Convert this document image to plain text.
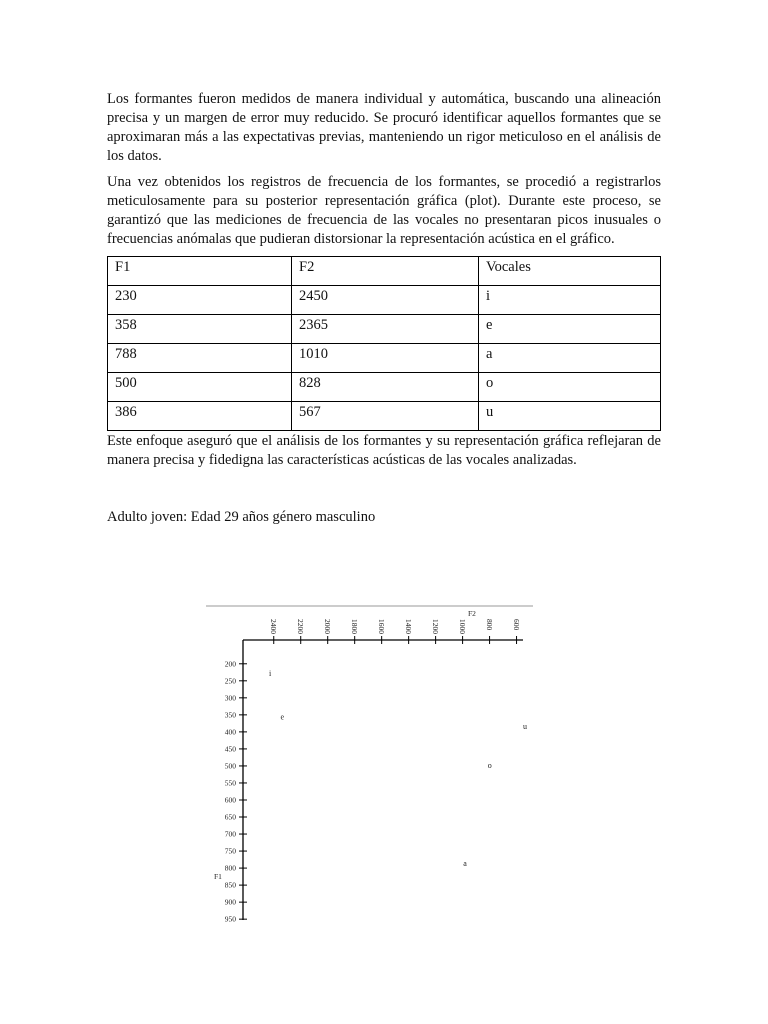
Los formantes fueron medidos de manera individual y automática, buscando una alineación precisa y un margen de error muy reducido. Se procuró identificar aquellos formantes que se aproximaran más a las expectativas previas, manteniendo un rigor meticuloso en el análisis de los datos.

Una vez obtenidos los registros de frecuencia de los formantes, se procedió a registrarlos meticulosamente para su posterior representación gráfica (plot). Durante este proceso, se garantizó que las mediciones de frecuencia de las vocales no presentaran picos inusuales o frecuencias anómalas que pudieran distorsionar la representación acústica en el gráfico.

F1	F2	Vocales
230	2450	i
358	2365	e
788	1010	a
500	828	o
386	567	u

Este enfoque aseguró que el análisis de los formantes y su representación gráfica reflejaran de manera precisa y fidedigna las características acústicas de las vocales analizadas.

Adulto joven: Edad 29 años género masculino

2400 2200 2000 1800 1600 1400 1200 1000 800 600
F2
200
250
300
350
400
450
500
550
600
650
700
750
800
850
900
950
F1
i
e
a
o
u
